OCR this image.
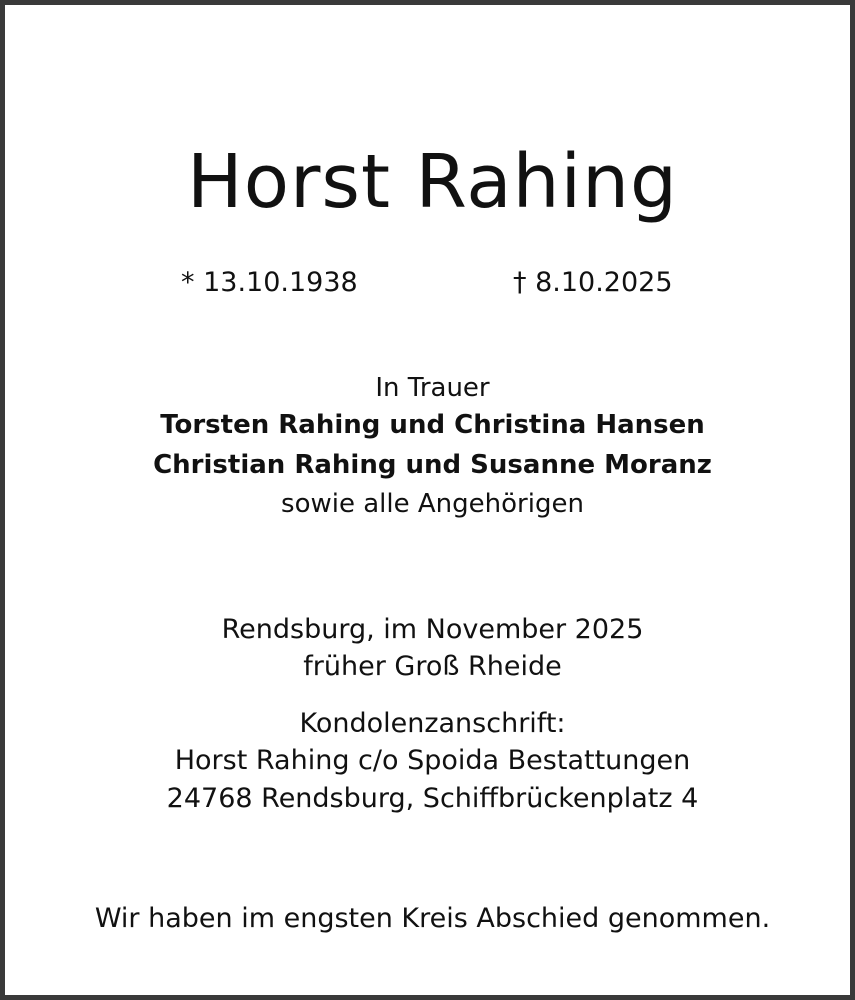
Horst Rahing
* 13.10.1938	† 8.10.2025
In Trauer
Torsten Rahing und Christina Hansen
Christian Rahing und Susanne Moranz
sowie alle Angehörigen
Rendsburg, im November 2025
früher Groß Rheide
Kondolenzanschrift:
Horst Rahing c/o Spoida Bestattungen
24768 Rendsburg, Schiffbrückenplatz 4
Wir haben im engsten Kreis Abschied genommen.
